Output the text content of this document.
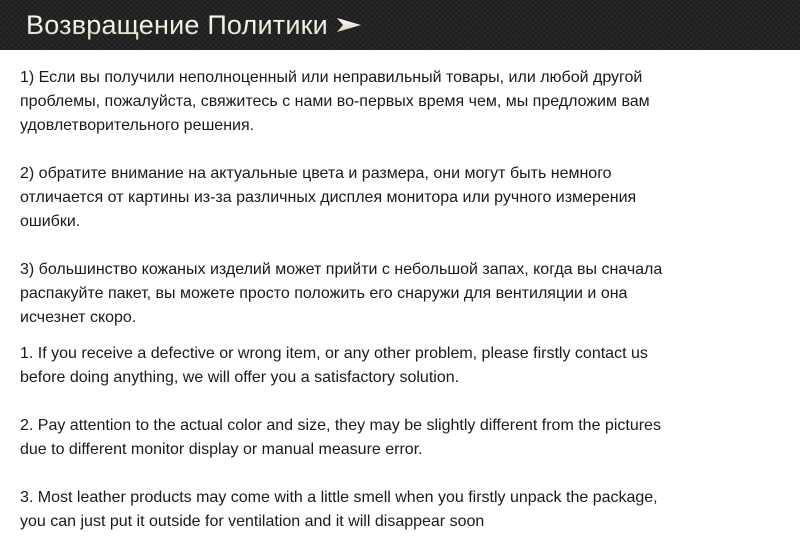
Возвращение Политики

1) Если вы получили неполноценный или неправильный товары, или любой другой
проблемы, пожалуйста, свяжитесь с нами во-первых время чем, мы предложим вам
удовлетворительного решения.

2) обратите внимание на актуальные цвета и размера, они могут быть немного
отличается от картины из-за различных дисплея монитора или ручного измерения
ошибки.

3) большинство кожаных изделий может прийти с небольшой запах, когда вы сначала
распакуйте пакет, вы можете просто положить его снаружи для вентиляции и она
исчезнет скоро.

1. If you receive a defective or wrong item, or any other problem, please firstly contact us
before doing anything, we will offer you a satisfactory solution.

2. Pay attention to the actual color and size, they may be slightly different from the pictures
due to different monitor display or manual measure error.

3. Most leather products may come with a little smell when you firstly unpack the package,
you can just put it outside for ventilation and it will disappear soon
